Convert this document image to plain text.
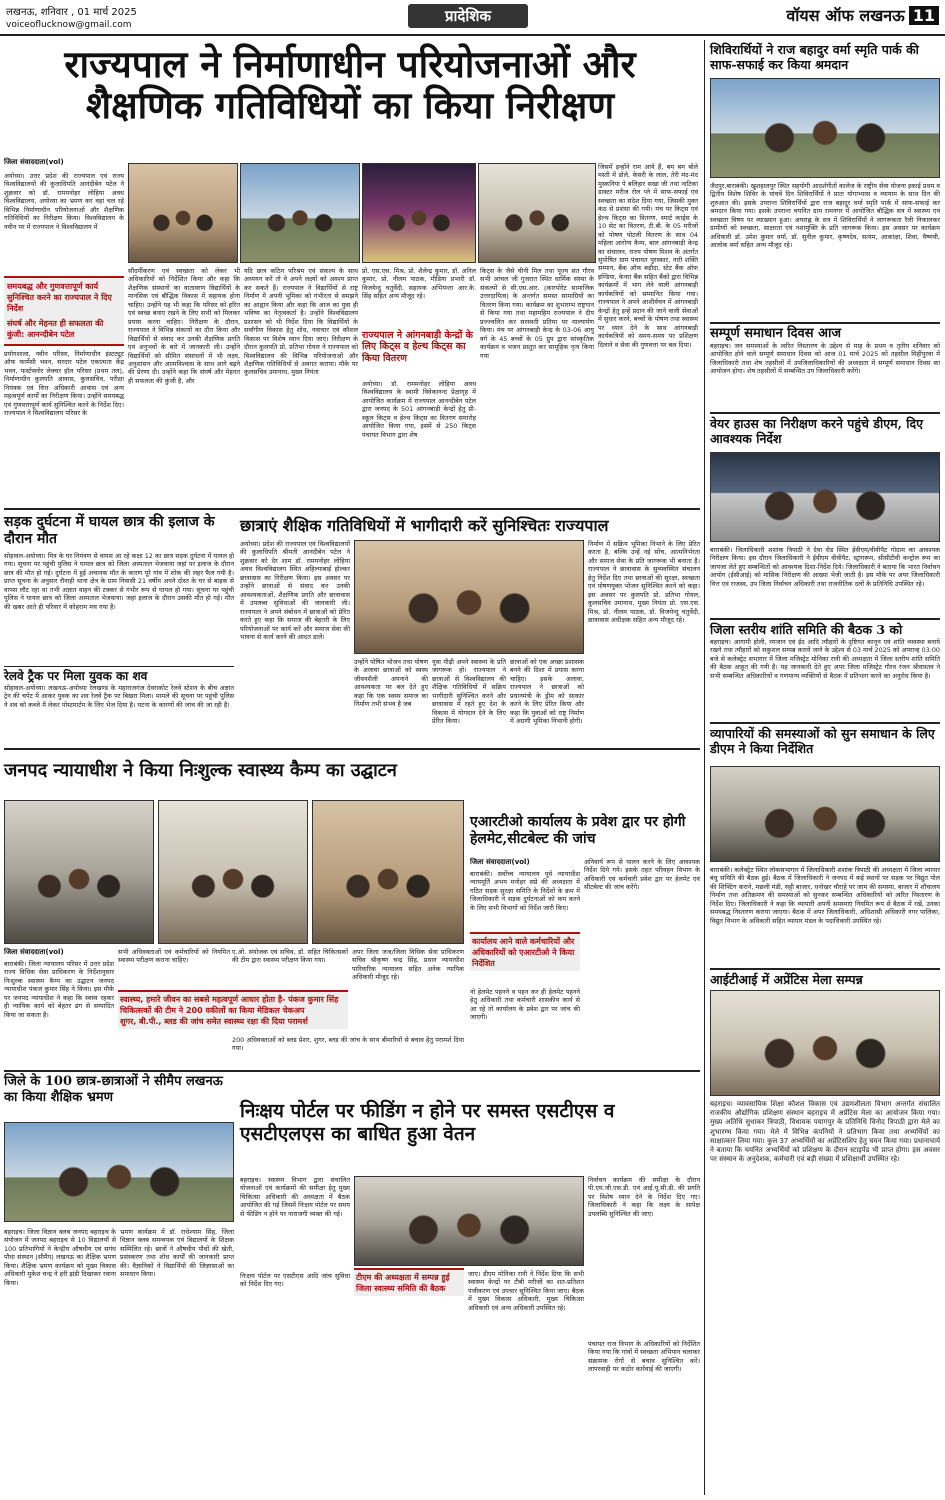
लखनऊ, शनिवार , 01 मार्च 2025
voiceoflucknow@gmail.com	प्रादेशिक	वॉयस ऑफ लखनऊ 11
राज्यपाल ने निर्माणाधीन परियोजनाओं और शैक्षणिक गतिविधियों का किया निरीक्षण
जिला संवाददाता(vol)
अयोध्या। उत्तर प्रदेश की राज्यपाल एवं राज्य विश्वविद्यालयों की कुलाधिपति आनंदीबेन पटेल ने शुक्रवार को डॉ. राममनोहर लोहिया अवध विश्वविद्यालय, अयोध्या का भ्रमण कर वहां चल रहे विभिन्न निर्माणाधीन परियोजनाओं और शैक्षणिक गतिविधियों का निरीक्षण किया। विश्वविद्यालय के नवीन पर में राज्यपाल ने विश्वविद्यालय में
समयबद्ध और गुणवत्तापूर्ण कार्य सुनिश्चित करने का राज्यपाल ने दिए निर्देश
संघर्ष और मेहनत ही सफलता की कुंजी: आनन्दीबेन पटेल
प्रयोगशाला, नवीन परिसर, निर्माणाधीन इंस्टट्यूट ऑफ फार्मेसी भवन, सरदार पटेल एकात्मता केंद्र भवन, फर्स्टफ्लोर लेक्चर हॉल परिसर (प्रथम तल), निर्माणाधीन कुलपति आवास, कुलसचिव, परीक्षा नियंत्रक एवं वित्त अधिकारी आवास एवं अन्य महत्वपूर्ण कार्यों का निरीक्षण किया। उन्होंने समयबद्ध एवं गुणवत्तापूर्ण कार्य सुनिश्चित करने के निर्देश दिए। राज्यपाल ने विश्वविद्यालय परिसर के
सौंदर्यीकरण एवं स्वच्छता को लेकर भी अधिकारियों को निर्देशित किया और कहा कि शैक्षणिक संस्थानों का वातावरण विद्यार्थियों के मानसिक एवं बौद्धिक विकास में सहायक होना चाहिए। उन्होंने यह भी कहा कि परिसर को हरित एवं स्वच्छ बनाए रखने के लिए सभी को मिलकर प्रयास करना चाहिए। निरीक्षण के दौरान, राज्यपाल ने विभिन्न संकायों का दौरा किया और विद्यार्थियों से संवाद कर उनकी शैक्षणिक प्रगति एवं अनुभवों के बारे में जानकारी ली। उन्होंने विद्यार्थियों को सीमित संसाधनों में भी लक्ष्य, अनुशासन और आत्मविश्वास के साथ आगे बढ़ने की प्रेरणा दी। उन्होंने कहा कि संघर्ष और मेहनत ही सफलता की कुंजी है, और
यदि छात्र कठिन परिश्रम एवं संकल्प के साथ अध्ययन करें तो वे अपने लक्ष्यों को अवश्य प्राप्त कर सकते हैं। राज्यपाल ने विद्यार्थियों से राष्ट्र निर्माण में अपनी भूमिका को गंभीरता से समझने का आह्वान किया और कहा कि आज का युवा ही भविष्य का नेतृत्वकर्ता है। उन्होंने विश्वविद्यालय प्रशासन को भी निर्देश दिया कि विद्यार्थियों के सर्वांगीण विकास हेतु शोध, नवाचार एवं कौशल विकास पर विशेष ध्यान दिया जाए। निरीक्षण के दौरान कुलपति प्रो. प्रतिभा गोयल ने राज्यपाल को विश्वविद्यालय की विभिन्न परियोजनाओं और शैक्षणिक गतिविधियों से अवगत कराया। मौके पर कुलसचिव उमानाथ, मुख्य नियंता
प्रो. एस.एस. मिश्र, प्रो. शैलेन्द्र कुमार, डॉ. अनिल कुमार, प्रो. नीलम पाठक, मीडिया प्रभारी डॉ. विजयेन्दु चतुर्वेदी, सहायक अभियन्ता आर.के. सिंह सहित अन्य मौजूद रहे।
राज्यपाल ने आंगनबाड़ी केन्द्रों के लिए किट्स व हेल्थ किट्स का किया वितरण
अयोध्या। डॉ. राममनोहर लोहिया अवध विश्वविद्यालय के स्वामी विवेकानन्द प्रेक्षागृह में आयोजित कार्यक्रम में राज्यपाल आनन्दीबेन पटेल द्वारा जनपद के 501 आंगनबाड़ी केन्द्रों हेतु प्री-स्कूल किट्स व हेल्थ किट्स का वितरण समारोह आयोजित किया गया, इसमें से 250 किट्स पंचायत विभाग द्वारा शेष
किट्स के जैसे चीनी मिल तथा पूज्य संत गौरव सभी आंचल जी गुजरात स्थित धार्मिक संस्था के संकल्पों से सी.एस.आर. (कारपोरेट सामाजिक उत्तरदायित्व) के अन्तर्गत समस्त सामाग्रियों का वितरण किया गया। कार्यक्रम का शुभारम्भ राष्ट्रगान से किया गया तथा महामहिम राज्यपाल ने दीप प्रज्ज्वलित कर सरस्वती प्रतिमा पर माल्यार्पण किया। मंच पर आंगनबाड़ी केन्द्र के 03-06 आयु वर्ग के 45 बच्चों के 05 ग्रुप द्वारा सांस्कृतिक कार्यक्रम व भजन प्रस्तुत कर सामूहिक नृत्य किया गया
जिसमें इन्होंने राम आये हैं, बम बम बोले मस्ती में डोले, केसरी के लाल, तेरी मंद-मंद मुस्कनिया पे बलिहार सखा जी तथा नाटिका डाक्टर मरीज रोल प्ले में साफ-सफाई एवं स्वच्छता का संदेश दिया गया, जिसकी मुक्त कंठ से प्रशंसा की गयी। मंच पर किट्स एवं हेल्थ किट्स का वितरण, स्मार्ट कार्ड्स के 10 सेट का वितरण, टी.बी. के 05 मरीजों को पोषण पोटली वितरण के साथ 04 महिला आरोग्य कैम्प, बाल आंगनबाड़ी केन्द्र का संचालन, राज्य पोषण मिशन के अंतर्गत सुपोषित ग्राम पंचायत पुरस्कार, नारी शक्ति सम्मान, बैंक ऑफ बड़ौदा, स्टेट बैंक ऑफ इण्डिया, केनरा बैंक सहित बैंकों द्वारा विभिन्न कार्यक्रमों में भाग लेने वाली आंगनबाड़ी कार्यकत्रियों को सम्मानित किया गया। राज्यपाल ने अपने आशीर्वचन में आंगनबाड़ी केन्द्रों हेतु इन्हें प्रदान की जाने वाली सेवाओं में सुधार करने, बच्चों के पोषण तथा स्वास्थ्य पर ध्यान देने के साथ आंगनबाड़ी कार्यकत्रियों को समय-समय पर प्रशिक्षण दिलाने व सेवा की गुणवत्ता पर बल दिया।
शिविरार्थियों ने राज बहादुर वर्मा स्मृति पार्क की साफ-सफाई कर किया श्रमदान
जैदपुर,बाराबंकी। खुशहालपुर स्थित सहयोगी आदर्शगीतों कालेज के राष्ट्रीय सेवा योजना इकाई प्रथम व द्वितीय विशेष शिविर के पांचवें दिन शिविरार्थियों ने प्रातः योगाभ्यास व व्यायाम के साथ दिन की शुरुआत की। इसके उपरान्त शिविरार्थियों द्वारा राज बहादुर वर्मा स्मृति पार्क में साफ-सफाई कर श्रमदान किया गया। इसके उपरान्त चयनित ग्राम रामनगर में आयोजित बौद्धिक सत्र में स्वास्थ्य एवं स्वच्छता विषय पर व्याख्यान हुआ। अपराह्न के सत्र में शिविरार्थियों ने जागरूकता रैली निकालकर ग्रामीणों को स्वच्छता, साक्षरता एवं नशामुक्ति के प्रति जागरूक किया। इस अवसर पर कार्यक्रम अधिकारी डॉ. उमेश कुमार वर्मा, डॉ. सुनील कुमार, कृष्णदेव, सत्यम, आकांक्षा, शिवा, वैष्णवी, आलोक वर्मा सहित अन्य मौजूद रहे।
सम्पूर्ण समाधान दिवस आज
बहराइच। जन समस्याओं के त्वरित निस्तारण के उद्देश्य से माह के प्रथम व तृतीय शनिवार को आयोजित होने वाले सम्पूर्ण समाधान दिवस को आज 01 मार्च 2025 को तहसील मिहींपुरवा में जिलाधिकारी तथा शेष तहसीलों में उपजिलाधिकारियों की अध्यक्षता में सम्पूर्ण समाधान दिवस का आयोजन होगा। शेष तहसीलों में सम्बन्धित उप जिलाधिकारी करेंगे।
वेयर हाउस का निरीक्षण करने पहुंचे डीएम, दिए आवश्यक निर्देश
बाराबंकी। जिलाधिकारी शशांक त्रिपाठी ने देवा रोड स्थित ईवीएम/वीवीपैट गोदाम का आवश्यक निरीक्षण किया। इस दौरान जिलाधिकारी ने ईवीएम वीवीपैट, स्ट्रांगरूम, सीसीटीवी कन्ट्रोल रूम का जायजा लेते हुए सम्बन्धितों को आवश्यक दिशा-निर्देश दिये। जिलाधिकारी ने बताया कि भारत निर्वाचन आयोग (ईसीआई) को मासिक निरीक्षण की आख्या भेजी जाती है। इस मौके पर अपर जिलाधिकारी वित्त एवं राजस्व, उप जिला निर्वाचन अधिकारी तथा राजनीतिक दलों के प्रतिनिधि उपस्थित रहे।
जिला स्तरीय शांति समिति की बैठक 3 को
बहराइच। आगामी होली, रमजान एवं ईद आदि त्यौहारों के दृष्टिगत कानून एवं शांति व्यवस्था बनाये रखने तथा त्यौहारों को सकुशल सम्पन्न कराये जाने के उद्देश्य से 03 मार्च 2025 को अपरान्ह 03:00 बजे से कलेक्ट्रेट सभागार में जिला मजिस्ट्रेट मोनिका रानी की अध्यक्षता में जिला स्तरीय शांति समिति की बैठक आहूत की गयी है। यह जानकारी देते हुए अपर जिला मजिस्ट्रेट गौरव रंजन श्रीवास्तव ने सभी सम्बन्धित अधिकारियों व गणमान्य व्यक्तियों से बैठक में प्रतिभाग करने का अनुरोध किया है।
व्यापारियों की समस्याओं को सुन समाधान के लिए डीएम ने किया निर्देशित
बाराबंकी। कलेक्ट्रेट स्थित लोकसभागार में जिलाधिकारी शशांक त्रिपाठी की अध्यक्षता में जिला व्यापार बंधु समिति की बैठक हुई। बैठक में जिलाधिकारी ने जनपद में कई स्थानों पर सड़क पर विद्युत पोल की शिफ्टिंग कराने, मछली मंडी, सट्टी बाजार, धनोखर चौराहे पर जाम की समस्या, बाजार में शौचालय निर्माण तथा अतिक्रमण की समस्याओं को सुनकर सम्बन्धित अधिकारियों को त्वरित निस्तारण के निर्देश दिए। जिलाधिकारी ने कहा कि व्यापारी अपनी समस्याएं नियमित रूप से बैठक में रखें, उनका समयबद्ध निस्तारण कराया जाएगा। बैठक में अपर जिलाधिकारी, अधिशासी अधिकारी नगर पालिका, विद्युत विभाग के अधिकारी सहित व्यापार मंडल के पदाधिकारी उपस्थित रहे।
आईटीआई में अप्रेंटिस मेला सम्पन्न
बहराइच। व्यावसायिक शिक्षा कौशल विकास एवं उद्यमशीलता विभाग अन्तर्गत संचालित राजकीय औद्योगिक प्रशिक्षण संस्थान बहराइच में अप्रेंटिस मेला का आयोजन किया गया। मुख्य अतिथि सुधाकर त्रिपाठी, विधायक पयागपुर के प्रतिनिधि विनोद त्रिपाठी द्वारा मेले का शुभारम्भ किया गया। मेले में विभिन्न कंपनियों ने प्रतिभाग किया तथा अभ्यर्थियों का साक्षात्कार लिया गया। कुल 37 अभ्यर्थियों का अप्रेंटिसशिप हेतु चयन किया गया। प्रधानाचार्य ने बताया कि चयनित अभ्यर्थियों को प्रशिक्षण के दौरान स्टाइपेंड भी प्राप्त होगा। इस अवसर पर संस्थान के अनुदेशक, कर्मचारी एवं बड़ी संख्या में प्रशिक्षार्थी उपस्थित रहे।
सड़क दुर्घटना में घायल छात्र की इलाज के दौरान मौत
सोहावल-अयोध्या। मित्र के घर निमंत्रण से वापस आ रहे कक्षा 12 का छात्र सड़क दुर्घटना में घायल हो गया। सूचना पर पहुंची पुलिस ने घायल छात्र को जिला अस्पताल भेजवाया जहां पर इलाज के दौरान छात्र की मौत हो गई। दुर्घटना में हुई अचानक मौत के कारण पूरे गांव में शोक की लहर फैल गयी है। प्राप्त सूचना के अनुसार रौनाही थाना क्षेत्र के ग्राम निवासी 21 वर्षीय अपने दोस्त के घर से बाइक से वापस लौट रहा था तभी अज्ञात वाहन की टक्कर से गंभीर रूप से घायल हो गया। सूचना पर पहुंची पुलिस ने घायल छात्र को जिला अस्पताल भेजवाया। जहां इलाज के दौरान उसकी मौत हो गई। मौत की खबर आते ही परिवार में कोहराम मच गया है।
रेलवे ट्रैक पर मिला युवक का शव
सोहावल-अयोध्या। लखनऊ-अयोध्या रेलखण्ड के महाराजगंज देवराकोट रेलवे स्टेशन के बीच अज्ञात ट्रेन की चपेट में आकर युवक का शव रेलवे ट्रैक पर बिखरा मिला। मामले की सूचना पर पहुंची पुलिस ने शव को कब्जे में लेकर पोस्टमार्टम के लिए भेज दिया है। घटना के कारणों की जांच की जा रही है।
छात्राएं शैक्षिक गतिविधियों में भागीदारी करें सुनिश्चितः राज्यपाल
अयोध्या। प्रदेश की राज्यपाल एवं विश्वविद्यालयों की कुलाधिपति श्रीमती आनंदीबेन पटेल ने शुक्रवार को देर शाम डॉ. राममनोहर लोहिया अवध विश्वविद्यालय स्थित अहिल्याबाई होल्कर छात्रावास का निरीक्षण किया। इस अवसर पर उन्होंने छात्राओं से संवाद कर उनकी आवश्यकताओं, शैक्षणिक प्रगति और छात्रावास में उपलब्ध सुविधाओं की जानकारी ली। राज्यपाल ने अपने संबोधन में छात्राओं को प्रेरित करते हुए कहा कि समाज की बेहतरी के लिए परियोजनाओं पर कार्य करें और समाज सेवा की भावना से कार्य करने की आदत डालें।
उन्होंने पोषित भोजन तथा पोषण के अलावा छात्राओं को स्वस्थ जीवनशैली अपनाने की आवश्यकता पर बल देते हुए कहा कि एक स्वस्थ समाज का निर्माण तभी संभव है जब
युवा पीढ़ी अपने स्वास्थ्य के प्रति जागरूक हो। राज्यपाल ने छात्राओं से विश्वविद्यालय की शैक्षिक गतिविधियों में सक्रिय भागीदारी सुनिश्चित करने और छात्रावास में रहते हुए देश के विकास में योगदान देने के लिए प्रेरित किया।
छात्राओं को एक अच्छा प्रशासक बनने की दिशा में प्रयास करना चाहिए। इसके अलावा, राज्यपाल ने छात्राओं को प्रधानमंत्री के ड्रीम को साकार करने के लिए प्रेरित किया और कहा कि युवाओं को राष्ट्र निर्माण में अग्रणी भूमिका निभानी होगी।
निर्माण में सक्रिय भूमिका निभाने के लिए प्रेरित करता है, बल्कि उन्हें नई सोच, आत्मनिर्भरता और समाज सेवा के प्रति जागरूक भी बनाता है। राज्यपाल ने छात्रावास के सुव्यवस्थित संचालन हेतु निर्देश दिए तथा छात्राओं की सुरक्षा, स्वच्छता एवं पोषणयुक्त भोजन सुनिश्चित करने को कहा। इस अवसर पर कुलपति प्रो. प्रतिभा गोयल, कुलसचिव उमानाथ, मुख्य नियंता प्रो. एस.एस. मिश्र, प्रो. नीलम पाठक, डॉ. विजयेन्दु चतुर्वेदी, छात्रावास अधीक्षक सहित अन्य मौजूद रहे।
जनपद न्यायाधीश ने किया निःशुल्क स्वास्थ्य कैम्प का उद्घाटन
जिला संवाददाता(vol)
बाराबंकी। जिला न्यायालय परिसर में उत्तर प्रदेश राज्य विधिक सेवा प्राधिकरण के निर्देशानुसार निःशुल्क स्वास्थ्य कैम्प का उद्घाटन जनपद न्यायाधीश पंकज कुमार सिंह ने किया। इस मौके पर जनपद न्यायाधीश ने कहा कि स्वस्थ रहकर ही न्यायिक कार्य को बेहतर ढंग से सम्पादित किया जा सकता है।
सभी अधिवक्ताओं एवं कर्मचारियों को नियमित स्वास्थ्य परीक्षण कराना चाहिए।
स्वास्थ्य, हमारे जीवन का सबसे महत्वपूर्ण आधार होता है- पंकज कुमार सिंह
चिकित्सकों की टीम ने 200 वकीलों का किया मेडिकल चेकअप
शुगर, बी.पी., ब्लड की जांच समेत स्वास्थ्य रक्षा की दिया परामर्श
ए.ओ. संयोजक एवं सचिव, डॉ. सहित चिकित्सकों की टीम द्वारा स्वास्थ्य परीक्षण किया गया।
अपर जिला जज/जिला विधिक सेवा प्राधिकरण सचिव श्रीकृष्ण चन्द्र सिंह, प्रधान न्यायाधीश पारिवारिक न्यायालय सहित अनेक न्यायिक अधिकारी मौजूद रहे।
200 अधिवक्ताओं को ब्लड प्रेशर, शुगर, ब्लड की जांच के साथ बीमारियों से बचाव हेतु परामर्श दिया गया।
एआरटीओ कार्यालय के प्रवेश द्वार पर होगी हेलमेट,सीटबेल्ट की जांच
जिला संवाददाता(vol)
बाराबंकी। सर्वोच्च न्यायालय पूर्व न्यायाधीश न्यायमूर्ति अभय मनोहर सप्रे की अध्यक्षता में गठित सड़क सुरक्षा समिति के निर्देशों के क्रम में जिलाधिकारी ने सड़क दुर्घटनाओं को कम करने के लिए सभी विभागों को निर्देश जारी किए।
कार्यालय आने वाले कर्मचारियों और अधिकारियों को एआरटीओ ने किया निर्देशित
नो हेलमेट पहनने व पहन कर ही हेलमेट पहनने हेतु अधिकारी तथा कर्मचारी शासकीय कार्य से आ रहे तो कार्यालय के प्रवेश द्वार पर जांच की जाएगी।
अनिवार्य रूप से पालन करने के लिए आवश्यक निर्देश दिये गये। इसके तहत परिवहन विभाग के अधिकारी एवं कर्मचारी प्रवेश द्वार पर हेलमेट एवं सीटबेल्ट की जांच करेंगे।
जिले के 100 छात्र-छात्राओं ने सीमैप लखनऊ का किया शैक्षिक भ्रमण
बहराइच। जिला विज्ञान क्लब जनपद बहराइच के संयोजन में जनपद बहराइच से 10 विद्यालयों से 100 प्रतिभागियों ने केन्द्रीय औषधीय एवं सगंध पौधा संस्थान (सीमैप) लखनऊ का शैक्षिक भ्रमण किया। शैक्षिक भ्रमण कार्यक्रम को मुख्य विकास अधिकारी मुकेश चन्द्र ने हरी झंडी दिखाकर रवाना किया।
भ्रमण कार्यक्रम में डॉ. राधेश्याम सिंह, जिला विज्ञान क्लब समन्वयक एवं विद्यालयों के शिक्षक सम्मिलित रहे। छात्रों ने औषधीय पौधों की खेती, प्रसंस्करण तथा शोध कार्यों की जानकारी प्राप्त की। वैज्ञानिकों ने विद्यार्थियों की जिज्ञासाओं का समाधान किया।
निःक्षय पोर्टल पर फीडिंग न होने पर समस्त एसटीएस व एसटीएलएस का बाधित हुआ वेतन
बहराइच। स्वास्थ्य विभाग द्वारा संचालित योजनाओं एवं कार्यक्रमों की समीक्षा हेतु मुख्य चिकित्सा अधिकारी की अध्यक्षता में बैठक आयोजित की गई जिसमें निःक्षय पोर्टल पर समय से फीडिंग न होने पर नाराजगी व्यक्त की गई।
टीएम की अध्यक्षता में सम्पन्न हुई जिला स्वास्थ्य समिति की बैठक
निःक्षय पोर्टल पर एसटीएस आदि जांच सुविधा को निर्देश दिए गए।
जाए। डीएम मोनिका रानी ने निर्देश दिया कि सभी स्वास्थ्य केन्द्रों पर टीबी मरीजों का शत-प्रतिशत पंजीकरण एवं उपचार सुनिश्चित किया जाए। बैठक में मुख्य विकास अधिकारी, मुख्य चिकित्सा अधिकारी एवं अन्य अधिकारी उपस्थित रहे।
निर्वाचन कार्यक्रम की समीक्षा के दौरान पी.एम.जी.एस.डी. एवं आई.यू.सी.डी. की प्रगति पर विशेष ध्यान देने के निर्देश दिए गए। जिलाधिकारी ने कहा कि लक्ष्य के सापेक्ष उपलब्धि सुनिश्चित की जाए।
पंचायत राज विभाग के अधिकारियों को निर्देशित किया गया कि गांवों में स्वच्छता अभियान चलाकर संक्रामक रोगों से बचाव सुनिश्चित करें। लापरवाही पर कठोर कार्रवाई की जाएगी।
